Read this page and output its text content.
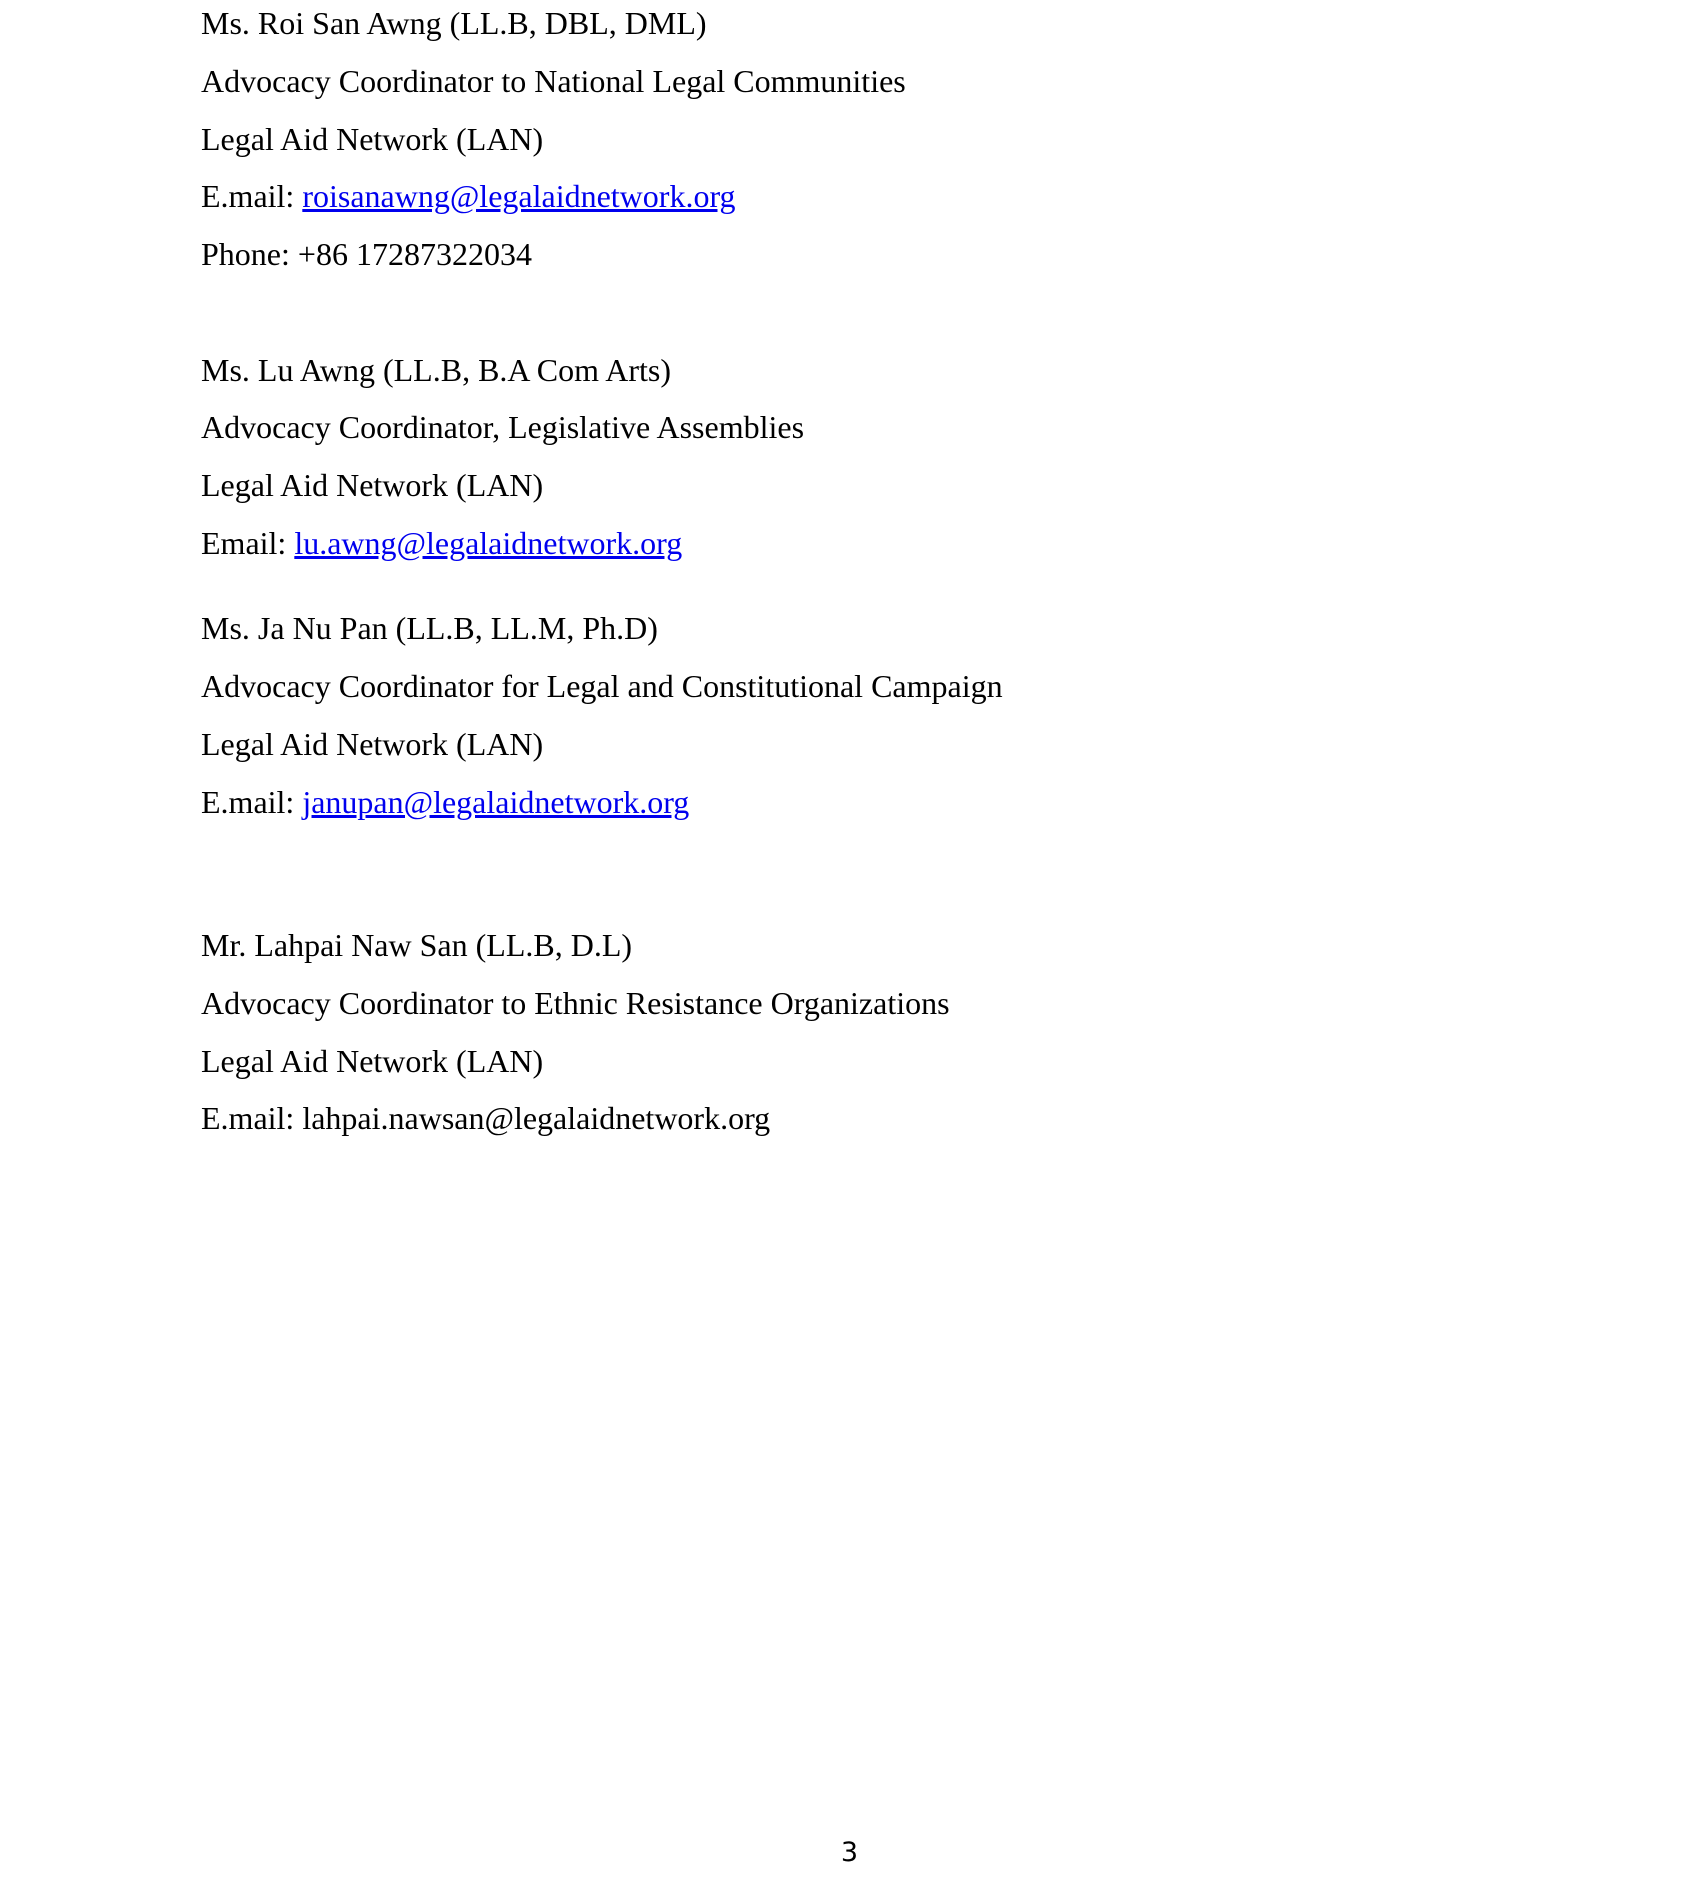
Ms. Roi San Awng (LL.B, DBL, DML)
Advocacy Coordinator to National Legal Communities
Legal Aid Network (LAN)
E.mail: roisanawng@legalaidnetwork.org
Phone: +86 17287322034
Ms. Lu Awng (LL.B, B.A Com Arts)
Advocacy Coordinator, Legislative Assemblies
Legal Aid Network (LAN)
Email: lu.awng@legalaidnetwork.org
Ms. Ja Nu Pan (LL.B, LL.M, Ph.D)
Advocacy Coordinator for Legal and Constitutional Campaign
Legal Aid Network (LAN)
E.mail: janupan@legalaidnetwork.org
Mr. Lahpai Naw San (LL.B, D.L)
Advocacy Coordinator to Ethnic Resistance Organizations
Legal Aid Network (LAN)
E.mail: lahpai.nawsan@legalaidnetwork.org
3
